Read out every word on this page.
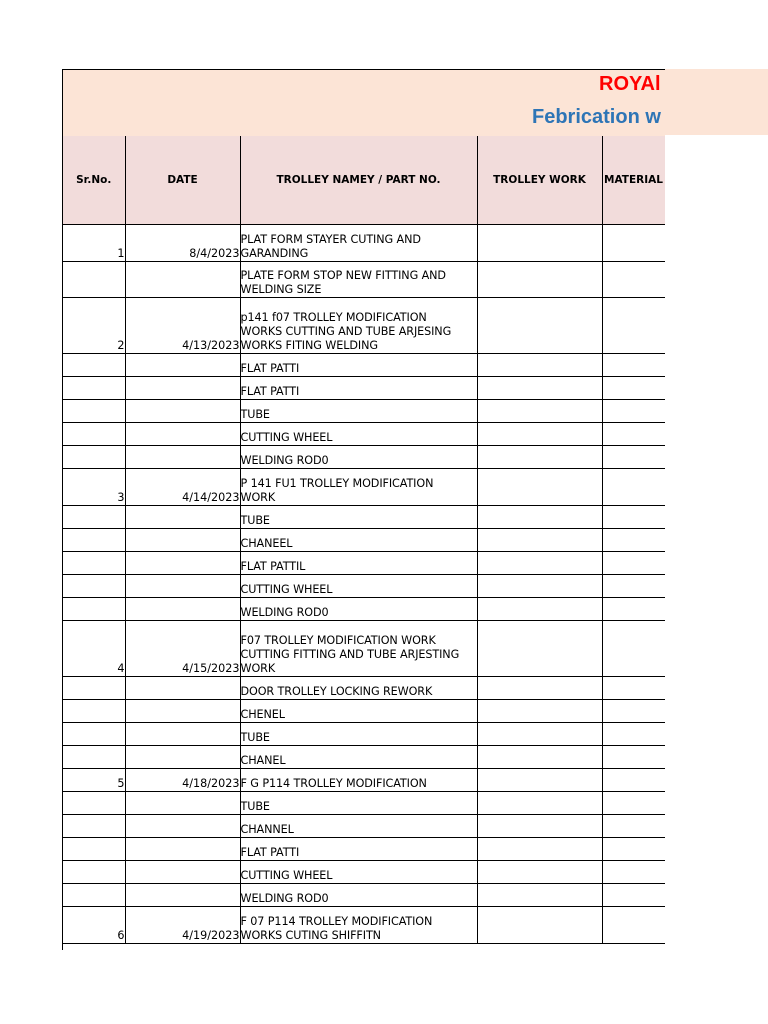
ROYAl
Febrication w
Sr.No.	DATE	TROLLEY NAMEY / PART NO.	TROLLEY WORK	MATERIAL
1	8/4/2023	PLAT FORM STAYER CUTING AND
GARANDING		
		PLATE FORM STOP NEW FITTING AND
WELDING SIZE		
2	4/13/2023	p141 f07 TROLLEY MODIFICATION
WORKS CUTTING AND TUBE ARJESING
WORKS FITING WELDING		
		FLAT PATTI		
		FLAT PATTI		
		TUBE		
		CUTTING WHEEL		
		WELDING ROD0		
3	4/14/2023	P 141 FU1 TROLLEY MODIFICATION
WORK		
		TUBE		
		CHANEEL		
		FLAT PATTIL		
		CUTTING WHEEL		
		WELDING ROD0		
4	4/15/2023	F07 TROLLEY MODIFICATION WORK
CUTTING FITTING AND TUBE ARJESTING
WORK		
		DOOR TROLLEY LOCKING REWORK		
		CHENEL		
		TUBE		
		CHANEL		
5	4/18/2023	F G P114 TROLLEY MODIFICATION		
		TUBE		
		CHANNEL		
		FLAT PATTI		
		CUTTING WHEEL		
		WELDING ROD0		
6	4/19/2023	F 07 P114 TROLLEY MODIFICATION
WORKS CUTING SHIFFITN		
